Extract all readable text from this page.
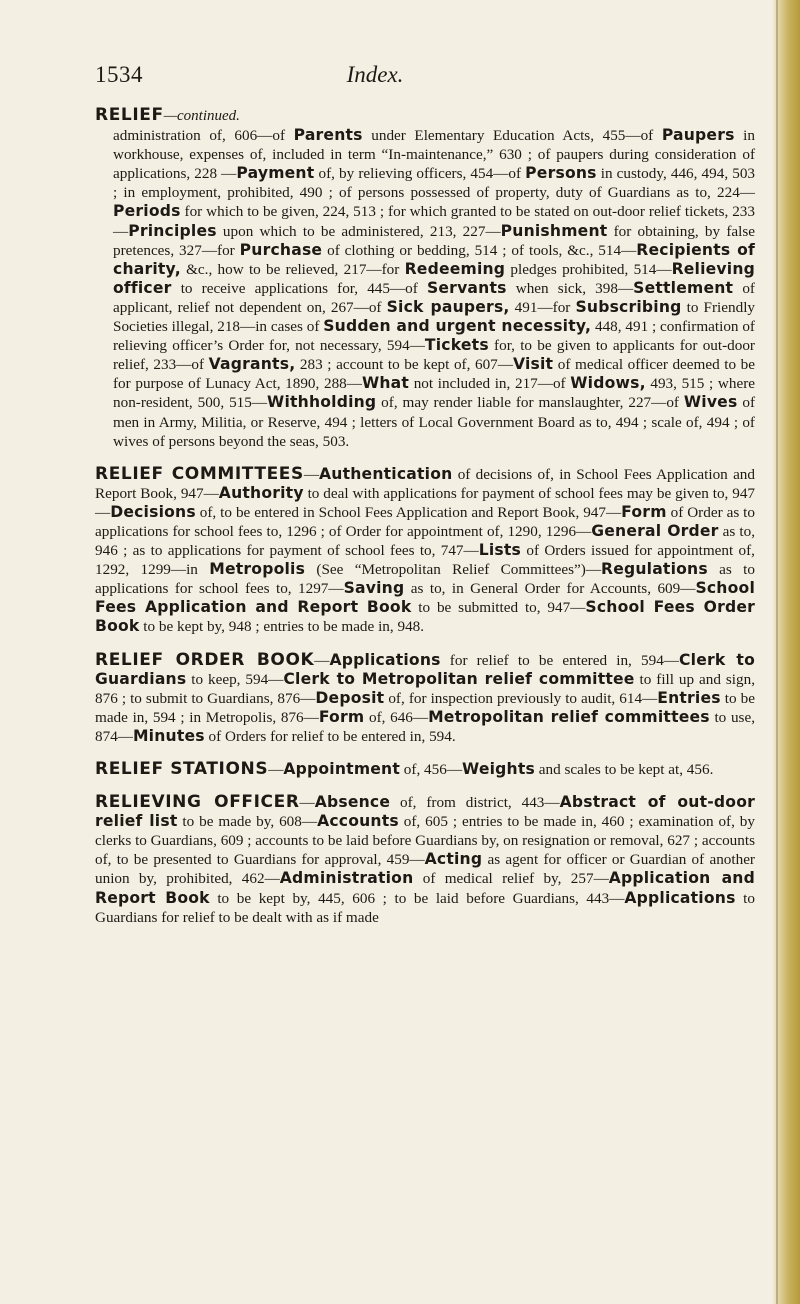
1534	Index.
RELIEF—continued.
administration of, 606—of Parents under Elementary Education Acts, 455—of Paupers in workhouse, expenses of, included in term “In-maintenance,” 630 ; of paupers during consideration of applications, 228 —Payment of, by relieving officers, 454—of Persons in custody, 446, 494, 503 ; in employment, prohibited, 490 ; of persons possessed of property, duty of Guardians as to, 224—Periods for which to be given, 224, 513 ; for which granted to be stated on out-door relief tickets, 233—Principles upon which to be administered, 213, 227—Punishment for obtaining, by false pretences, 327—for Purchase of clothing or bedding, 514 ; of tools, &c., 514—Recipients of charity, &c., how to be relieved, 217—for Redeeming pledges prohibited, 514—Relieving officer to receive applications for, 445—of Servants when sick, 398—Settlement of applicant, relief not dependent on, 267—of Sick paupers, 491—for Subscribing to Friendly Societies illegal, 218—in cases of Sudden and urgent necessity, 448, 491 ; confirmation of relieving officer’s Order for, not necessary, 594—Tickets for, to be given to applicants for out-door relief, 233—of Vagrants, 283 ; account to be kept of, 607—Visit of medical officer deemed to be for purpose of Lunacy Act, 1890, 288—What not included in, 217—of Widows, 493, 515 ; where non-resident, 500, 515—Withholding of, may render liable for manslaughter, 227—of Wives of men in Army, Militia, or Reserve, 494 ; letters of Local Government Board as to, 494 ; scale of, 494 ; of wives of persons beyond the seas, 503.
RELIEF COMMITTEES—Authentication of decisions of, in School Fees Application and Report Book, 947—Authority to deal with applications for payment of school fees may be given to, 947—Decisions of, to be entered in School Fees Application and Report Book, 947—Form of Order as to applications for school fees to, 1296 ; of Order for appointment of, 1290, 1296—General Order as to, 946 ; as to applications for payment of school fees to, 747—Lists of Orders issued for appointment of, 1292, 1299—in Metropolis (See “Metropolitan Relief Committees”)—Regulations as to applications for school fees to, 1297—Saving as to, in General Order for Accounts, 609—School Fees Application and Report Book to be submitted to, 947—School Fees Order Book to be kept by, 948 ; entries to be made in, 948.
RELIEF ORDER BOOK—Applications for relief to be entered in, 594—Clerk to Guardians to keep, 594—Clerk to Metropolitan relief committee to fill up and sign, 876 ; to submit to Guardians, 876—Deposit of, for inspection previously to audit, 614—Entries to be made in, 594 ; in Metropolis, 876—Form of, 646—Metropolitan relief committees to use, 874—Minutes of Orders for relief to be entered in, 594.
RELIEF STATIONS—Appointment of, 456—Weights and scales to be kept at, 456.
RELIEVING OFFICER—Absence of, from district, 443—Abstract of out-door relief list to be made by, 608—Accounts of, 605 ; entries to be made in, 460 ; examination of, by clerks to Guardians, 609 ; accounts to be laid before Guardians by, on resignation or removal, 627 ; accounts of, to be presented to Guardians for approval, 459—Acting as agent for officer or Guardian of another union by, prohibited, 462—Administration of medical relief by, 257—Application and Report Book to be kept by, 445, 606 ; to be laid before Guardians, 443—Applications to Guardians for relief to be dealt with as if made
